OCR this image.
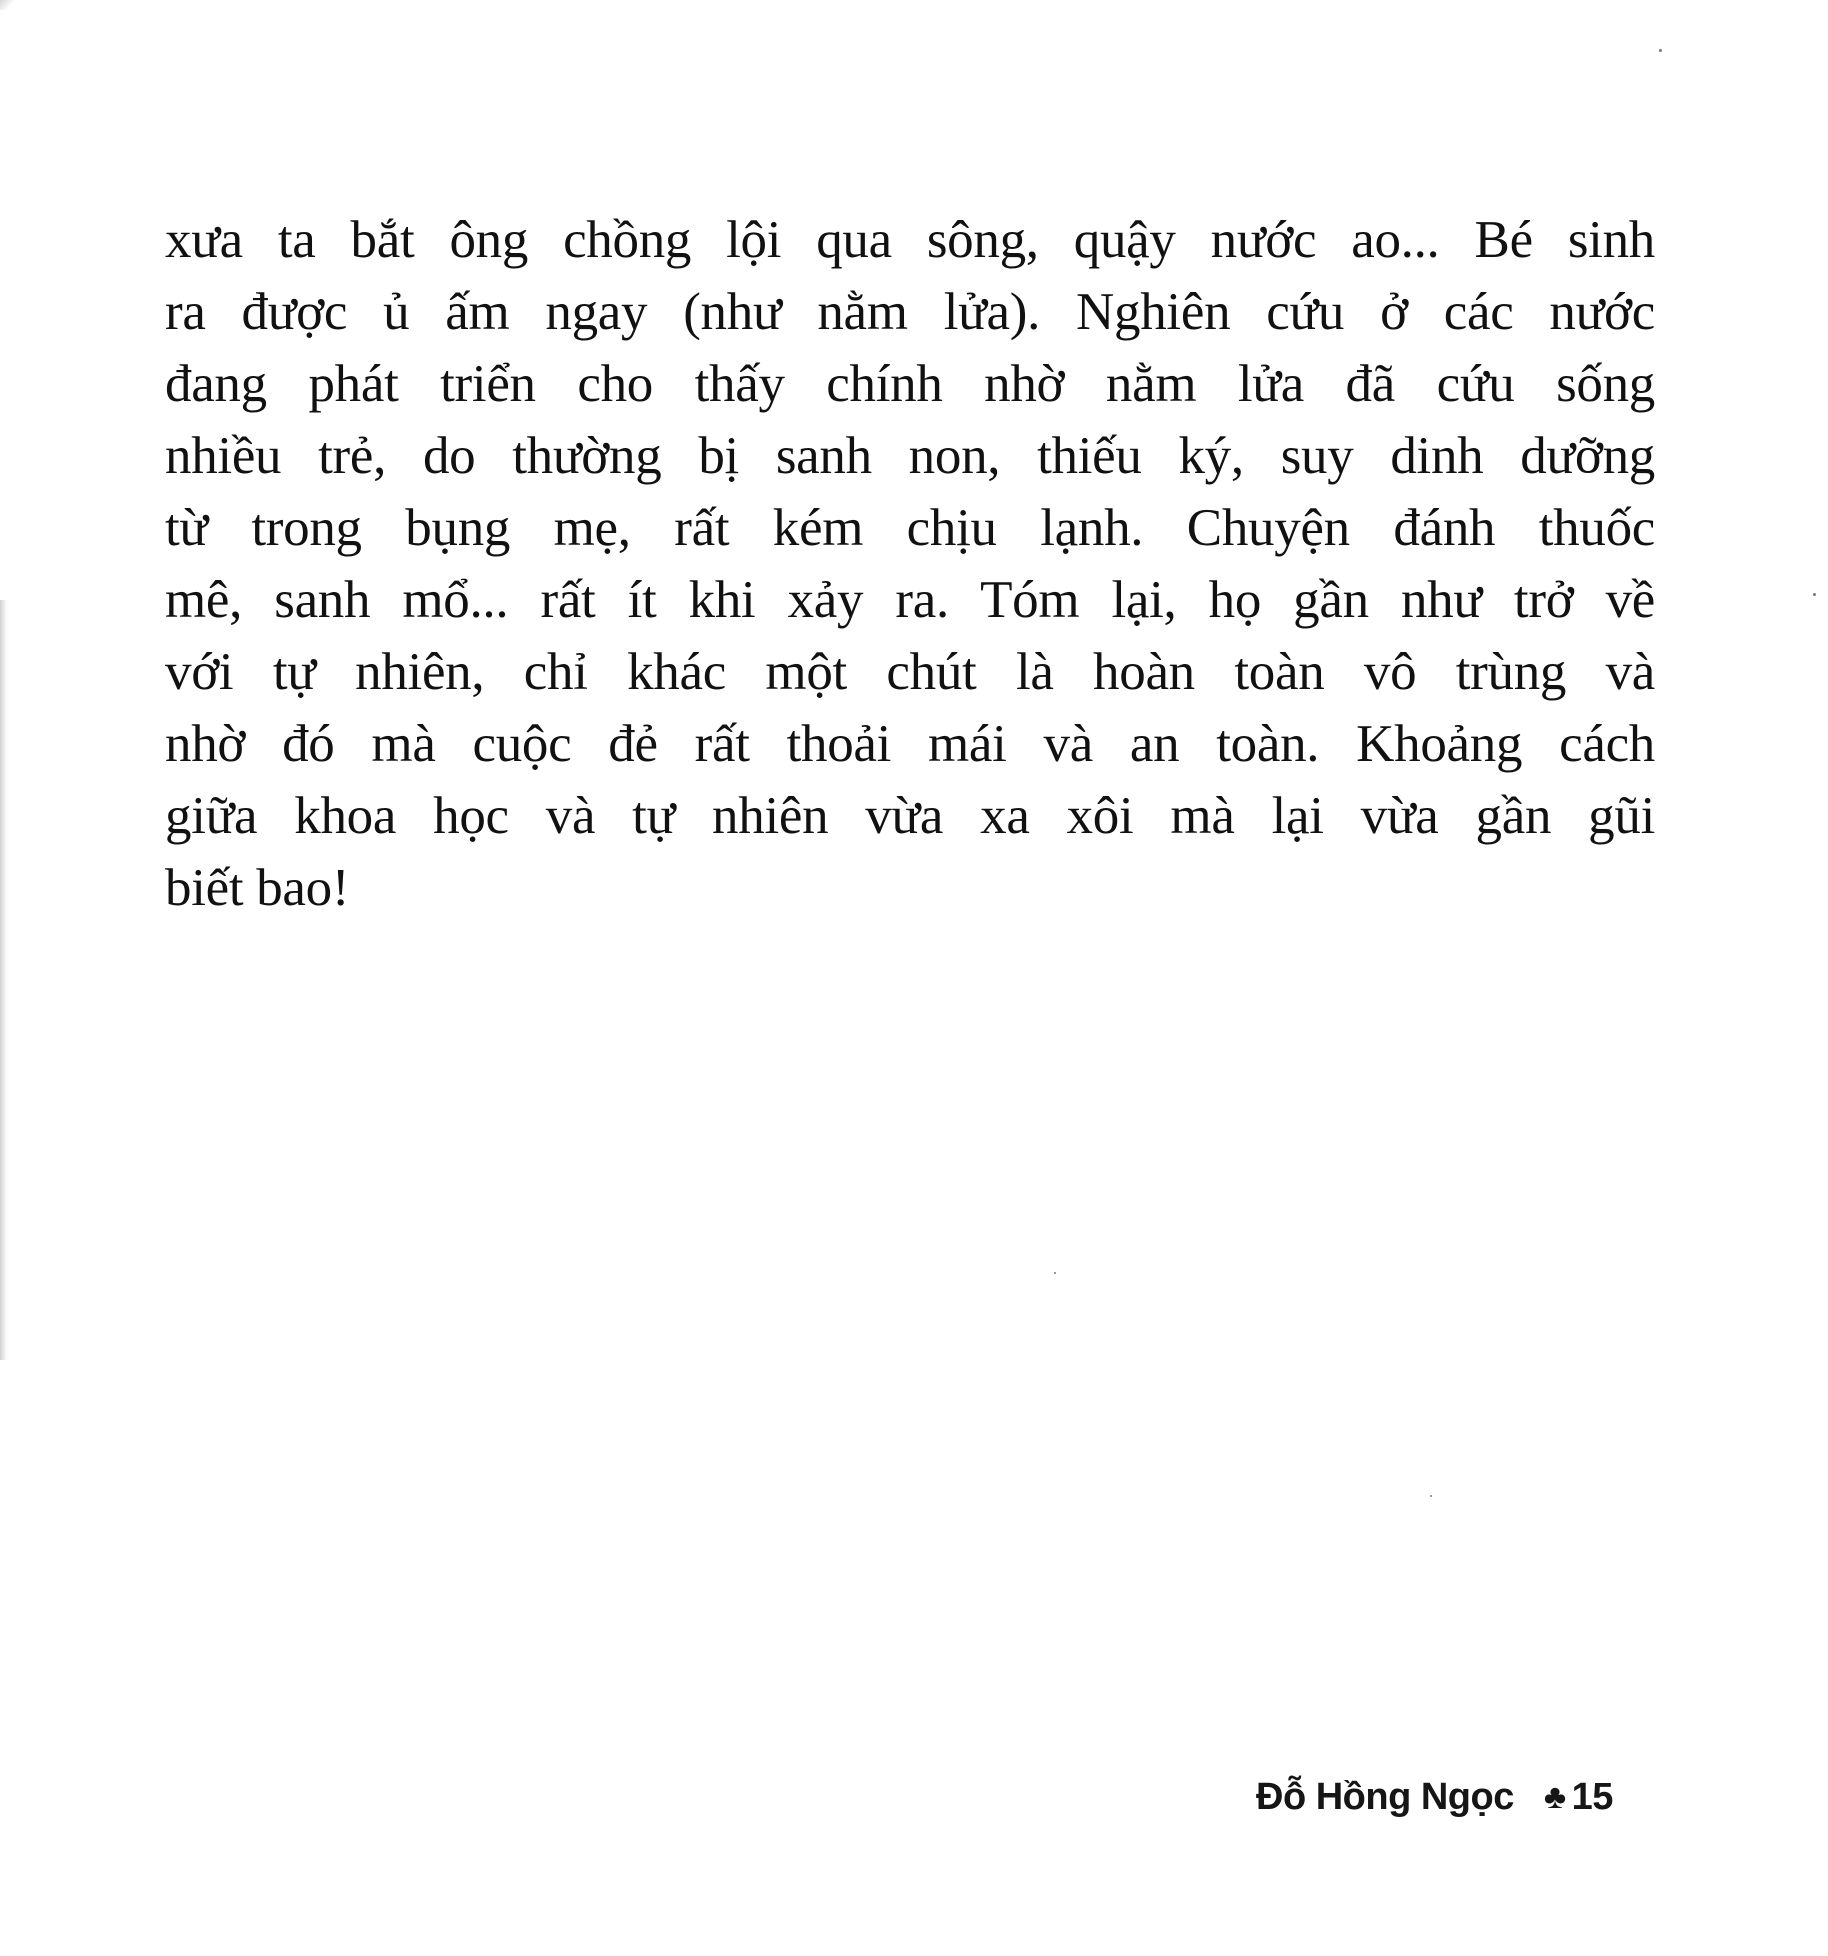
xưa ta bắt ông chồng lội qua sông, quậy nước ao... Bé sinh
ra được ủ ấm ngay (như nằm lửa). Nghiên cứu ở các nước
đang phát triển cho thấy chính nhờ nằm lửa đã cứu sống
nhiều trẻ, do thường bị sanh non, thiếu ký, suy dinh dưỡng
từ trong bụng mẹ, rất kém chịu lạnh. Chuyện đánh thuốc
mê, sanh mổ... rất ít khi xảy ra. Tóm lại, họ gần như trở về
với tự nhiên, chỉ khác một chút là hoàn toàn vô trùng và
nhờ đó mà cuộc đẻ rất thoải mái và an toàn. Khoảng cách
giữa khoa học và tự nhiên vừa xa xôi mà lại vừa gần gũi
biết bao!
Đỗ Hồng Ngọc ♣ 15
